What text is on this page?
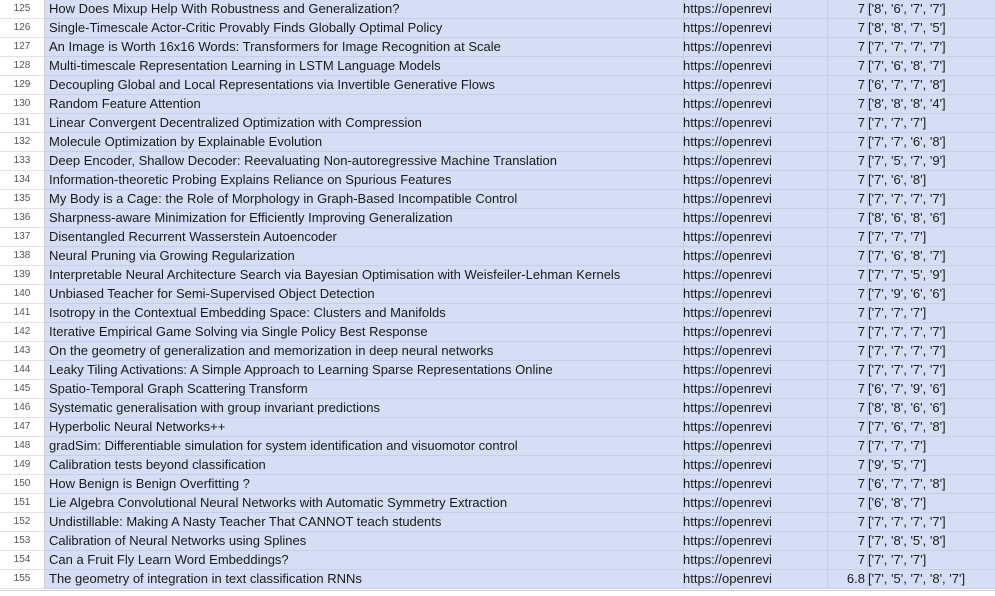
125	How Does Mixup Help With Robustness and Generalization?	https://openrevi	7 ['8', '6', '7', '7']
126	Single-Timescale Actor-Critic Provably Finds Globally Optimal Policy	https://openrevi	7 ['8', '8', '7', '5']
127	An Image is Worth 16x16 Words: Transformers for Image Recognition at Scale	https://openrevi	7 ['7', '7', '7', '7']
128	Multi-timescale Representation Learning in LSTM Language Models	https://openrevi	7 ['7', '6', '8', '7']
129	Decoupling Global and Local Representations via Invertible Generative Flows	https://openrevi	7 ['6', '7', '7', '8']
130	Random Feature Attention	https://openrevi	7 ['8', '8', '8', '4']
131	Linear Convergent Decentralized Optimization with Compression	https://openrevi	7 ['7', '7', '7']
132	Molecule Optimization by Explainable Evolution	https://openrevi	7 ['7', '7', '6', '8']
133	Deep Encoder, Shallow Decoder: Reevaluating Non-autoregressive Machine Translation	https://openrevi	7 ['7', '5', '7', '9']
134	Information-theoretic Probing Explains Reliance on Spurious Features	https://openrevi	7 ['7', '6', '8']
135	My Body is a Cage: the Role of Morphology in Graph-Based Incompatible Control	https://openrevi	7 ['7', '7', '7', '7']
136	Sharpness-aware Minimization for Efficiently Improving Generalization	https://openrevi	7 ['8', '6', '8', '6']
137	Disentangled Recurrent Wasserstein Autoencoder	https://openrevi	7 ['7', '7', '7']
138	Neural Pruning via Growing Regularization	https://openrevi	7 ['7', '6', '8', '7']
139	Interpretable Neural Architecture Search via Bayesian Optimisation with Weisfeiler-Lehman Kernels	https://openrevi	7 ['7', '7', '5', '9']
140	Unbiased Teacher for Semi-Supervised Object Detection	https://openrevi	7 ['7', '9', '6', '6']
141	Isotropy in the Contextual Embedding Space: Clusters and Manifolds	https://openrevi	7 ['7', '7', '7']
142	Iterative Empirical Game Solving via Single Policy Best Response	https://openrevi	7 ['7', '7', '7', '7']
143	On the geometry of generalization and memorization in deep neural networks	https://openrevi	7 ['7', '7', '7', '7']
144	Leaky Tiling Activations: A Simple Approach to Learning Sparse Representations Online	https://openrevi	7 ['7', '7', '7', '7']
145	Spatio-Temporal Graph Scattering Transform	https://openrevi	7 ['6', '7', '9', '6']
146	Systematic generalisation with group invariant predictions	https://openrevi	7 ['8', '8', '6', '6']
147	Hyperbolic Neural Networks++	https://openrevi	7 ['7', '6', '7', '8']
148	gradSim: Differentiable simulation for system identification and visuomotor control	https://openrevi	7 ['7', '7', '7']
149	Calibration tests beyond classification	https://openrevi	7 ['9', '5', '7']
150	How Benign is Benign Overfitting ?	https://openrevi	7 ['6', '7', '7', '8']
151	Lie Algebra Convolutional Neural Networks with Automatic Symmetry Extraction	https://openrevi	7 ['6', '8', '7']
152	Undistillable: Making A Nasty Teacher That CANNOT teach students	https://openrevi	7 ['7', '7', '7', '7']
153	Calibration of Neural Networks using Splines	https://openrevi	7 ['7', '8', '5', '8']
154	Can a Fruit Fly Learn Word Embeddings?	https://openrevi	7 ['7', '7', '7']
155	The geometry of integration in text classification RNNs	https://openrevi	6.8 ['7', '5', '7', '8', '7']
